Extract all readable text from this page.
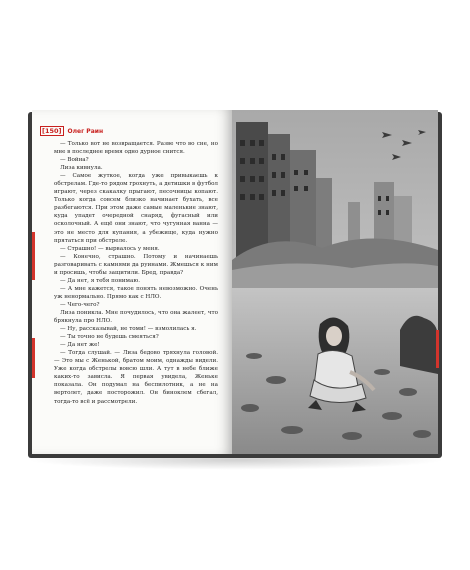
[150]	Олег Раин

— Только вот не возвращается. Разве что во сне, но мне в последнее время одно дурное снится.

— Война?

Лиза кивнула.

— Самое жуткое, когда уже привыкаешь к обстрелам. Где-то рядом грохнуть, а детишки в футбол играют, через скакалку прыгают, песочницы копают. Только когда совсем близко начинает бухать, все разбегаются. При этом даже самые маленькие знают, куда упадет очередной снаряд, фугасный или осколочный. А ещё они знают, что чугунная ванна — это не место для купания, а убежище, куда нужно прятаться при обстреле.

— Страшно! — вырвалось у меня.

— Конечно, страшно. Потому и начинаешь разговаривать с камнями да руинами. Жмешься к ним и просишь, чтобы защитили. Бред, правда?

— Да нет, я тебя понимаю.

— А мне кажется, такое понять невозможно. Очень уж ненормально. Прямо как с НЛО.

— Чего-чего?

Лиза поникла. Мне почудилось, что она жалеет, что брякнула про НЛО.

— Ну, рассказывай, не томи! — взмолилась я.

— Ты точно не будешь смеяться?

— Да нет же!

— Тогда слушай. — Лиза бедово тряхнула головой. — Это мы с Женькой, братом моим, однажды видели. Уже когда обстрелы вовсю шли. А тут в небе ближе каких-то зависла. Я первая увидела, Женьке показала. Он подумал на беспилотник, а не на вертолет, даже посторожил. Он биноклем сбегал, тогда-то всё и рассмотрели.
